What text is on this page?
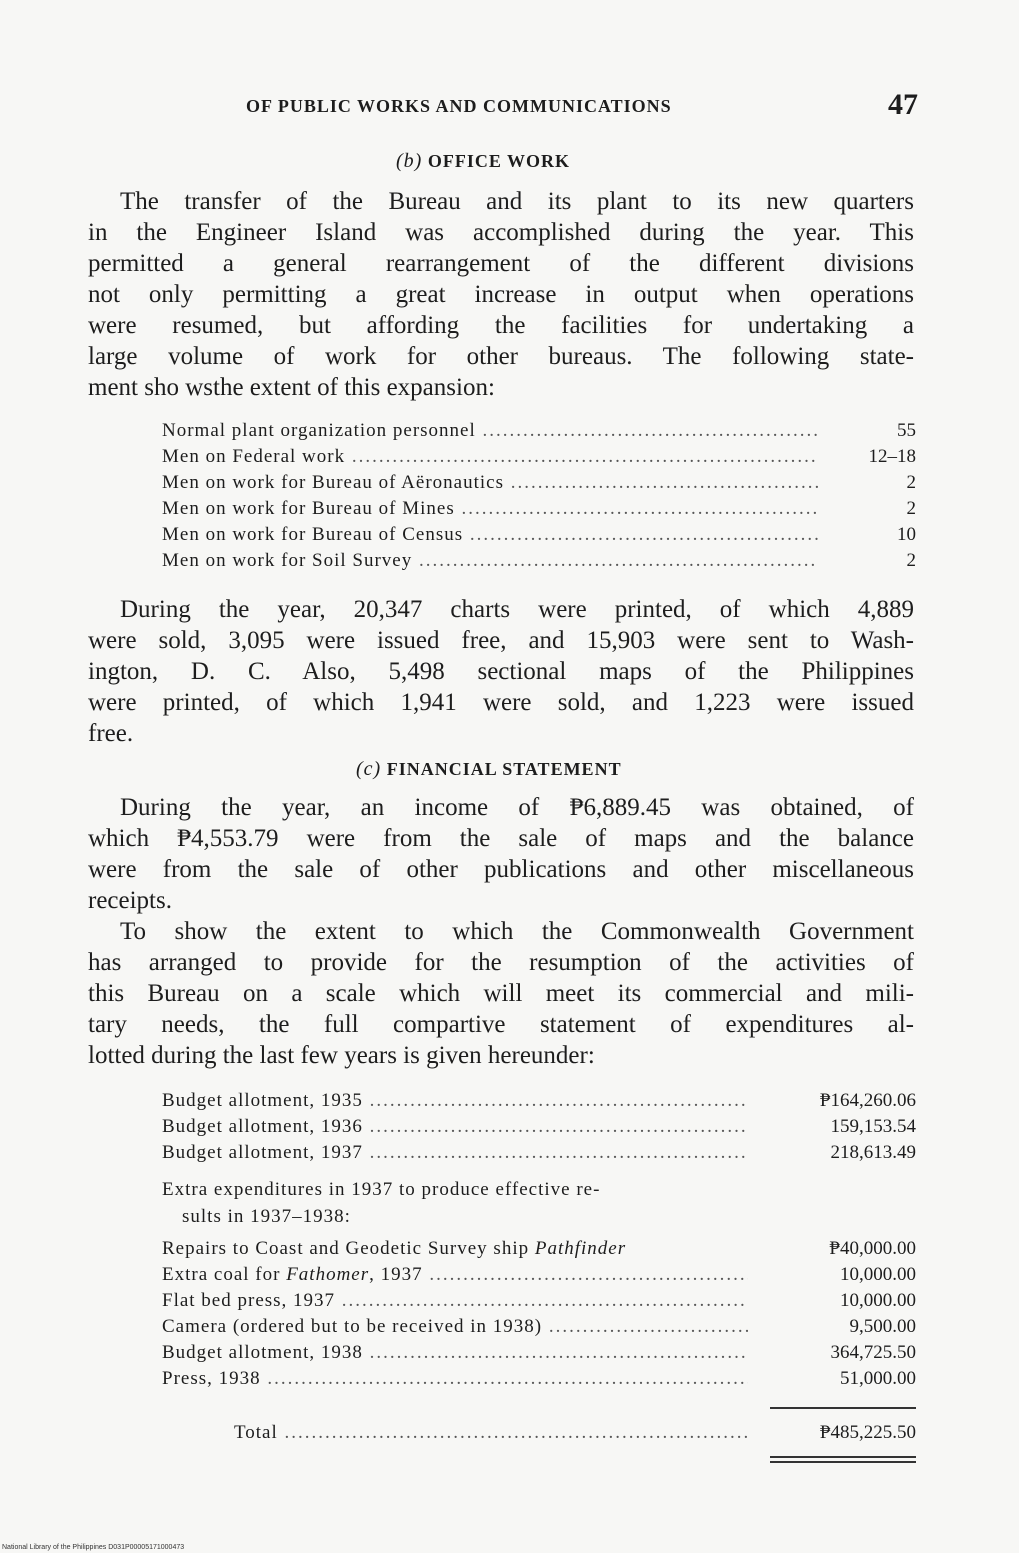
OF PUBLIC WORKS AND COMMUNICATIONS	47
(b) OFFICE WORK
The transfer of the Bureau and its plant to its new quarters
in the Engineer Island was accomplished during the year. This
permitted a general rearrangement of the different divisions
not only permitting a great increase in output when operations
were resumed, but affording the facilities for undertaking a
large volume of work for other bureaus. The following state-
ment sho wsthe extent of this expansion:
Normal plant organization personnel .....	55
Men on Federal work .....	12–18
Men on work for Bureau of Aëronautics .....	2
Men on work for Bureau of Mines .....	2
Men on work for Bureau of Census .....	10
Men on work for Soil Survey .....	2
During the year, 20,347 charts were printed, of which 4,889
were sold, 3,095 were issued free, and 15,903 were sent to Wash-
ington, D. C. Also, 5,498 sectional maps of the Philippines
were printed, of which 1,941 were sold, and 1,223 were issued
free.
(c) FINANCIAL STATEMENT
During the year, an income of ₱6,889.45 was obtained, of
which ₱4,553.79 were from the sale of maps and the balance
were from the sale of other publications and other miscellaneous
receipts.
To show the extent to which the Commonwealth Government
has arranged to provide for the resumption of the activities of
this Bureau on a scale which will meet its commercial and mili-
tary needs, the full compartive statement of expenditures al-
lotted during the last few years is given hereunder:
Budget allotment, 1935 .....	₱164,260.06
Budget allotment, 1936 .....	159,153.54
Budget allotment, 1937 .....	218,613.49
Extra expenditures in 1937 to produce effective re-
sults in 1937–1938:
Repairs to Coast and Geodetic Survey ship Pathfinder	₱40,000.00
Extra coal for Fathomer, 1937 .....	10,000.00
Flat bed press, 1937 .....	10,000.00
Camera (ordered but to be received in 1938) .....	9,500.00
Budget allotment, 1938 .....	364,725.50
Press, 1938 .....	51,000.00
Total .....	₱485,225.50
National Library of the Philippines D031P00005171000473
